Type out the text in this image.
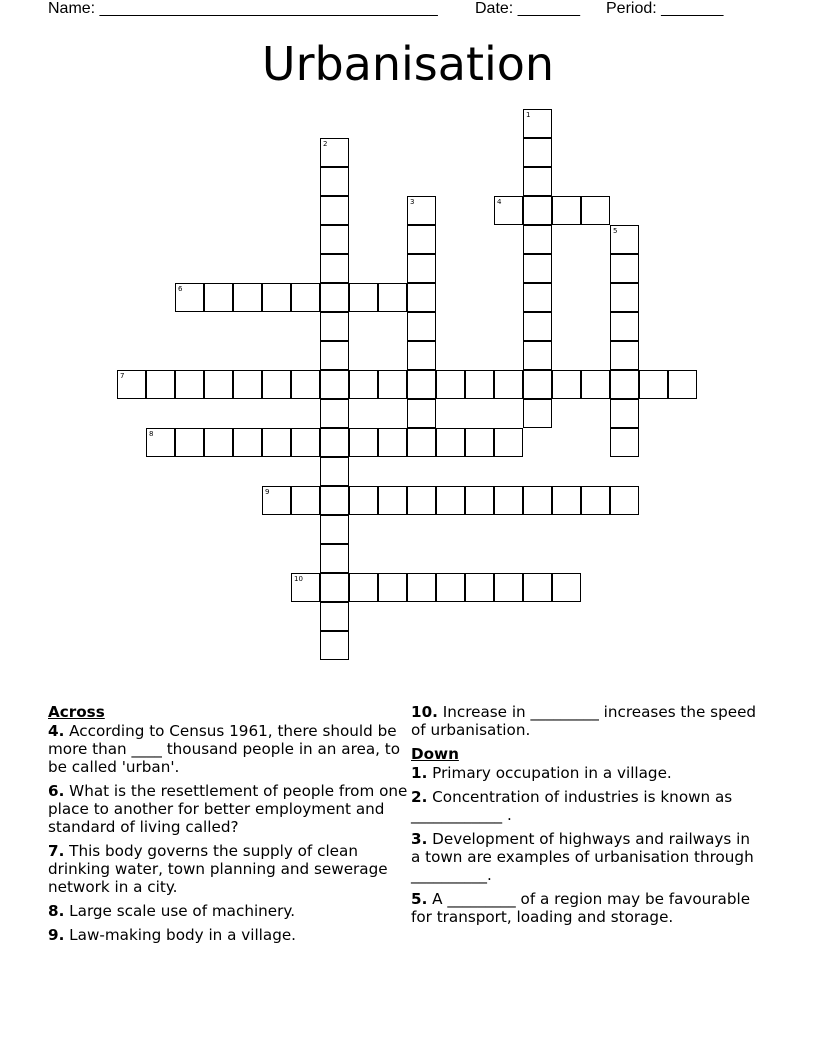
Name: ______________________________________ Date: _______ Period: _______
Urbanisation
1
2
3	4
5
6
7
8
9
10
Across
4. According to Census 1961, there should be more than ____ thousand people in an area, to be called 'urban'.
6. What is the resettlement of people from one place to another for better employment and standard of living called?
7. This body governs the supply of clean drinking water, town planning and sewerage network in a city.
8. Large scale use of machinery.
9. Law-making body in a village.
10. Increase in _________ increases the speed of urbanisation.
Down
1. Primary occupation in a village.
2. Concentration of industries is known as ____________ .
3. Development of highways and railways in a town are examples of urbanisation through __________.
5. A _________ of a region may be favourable for transport, loading and storage.
